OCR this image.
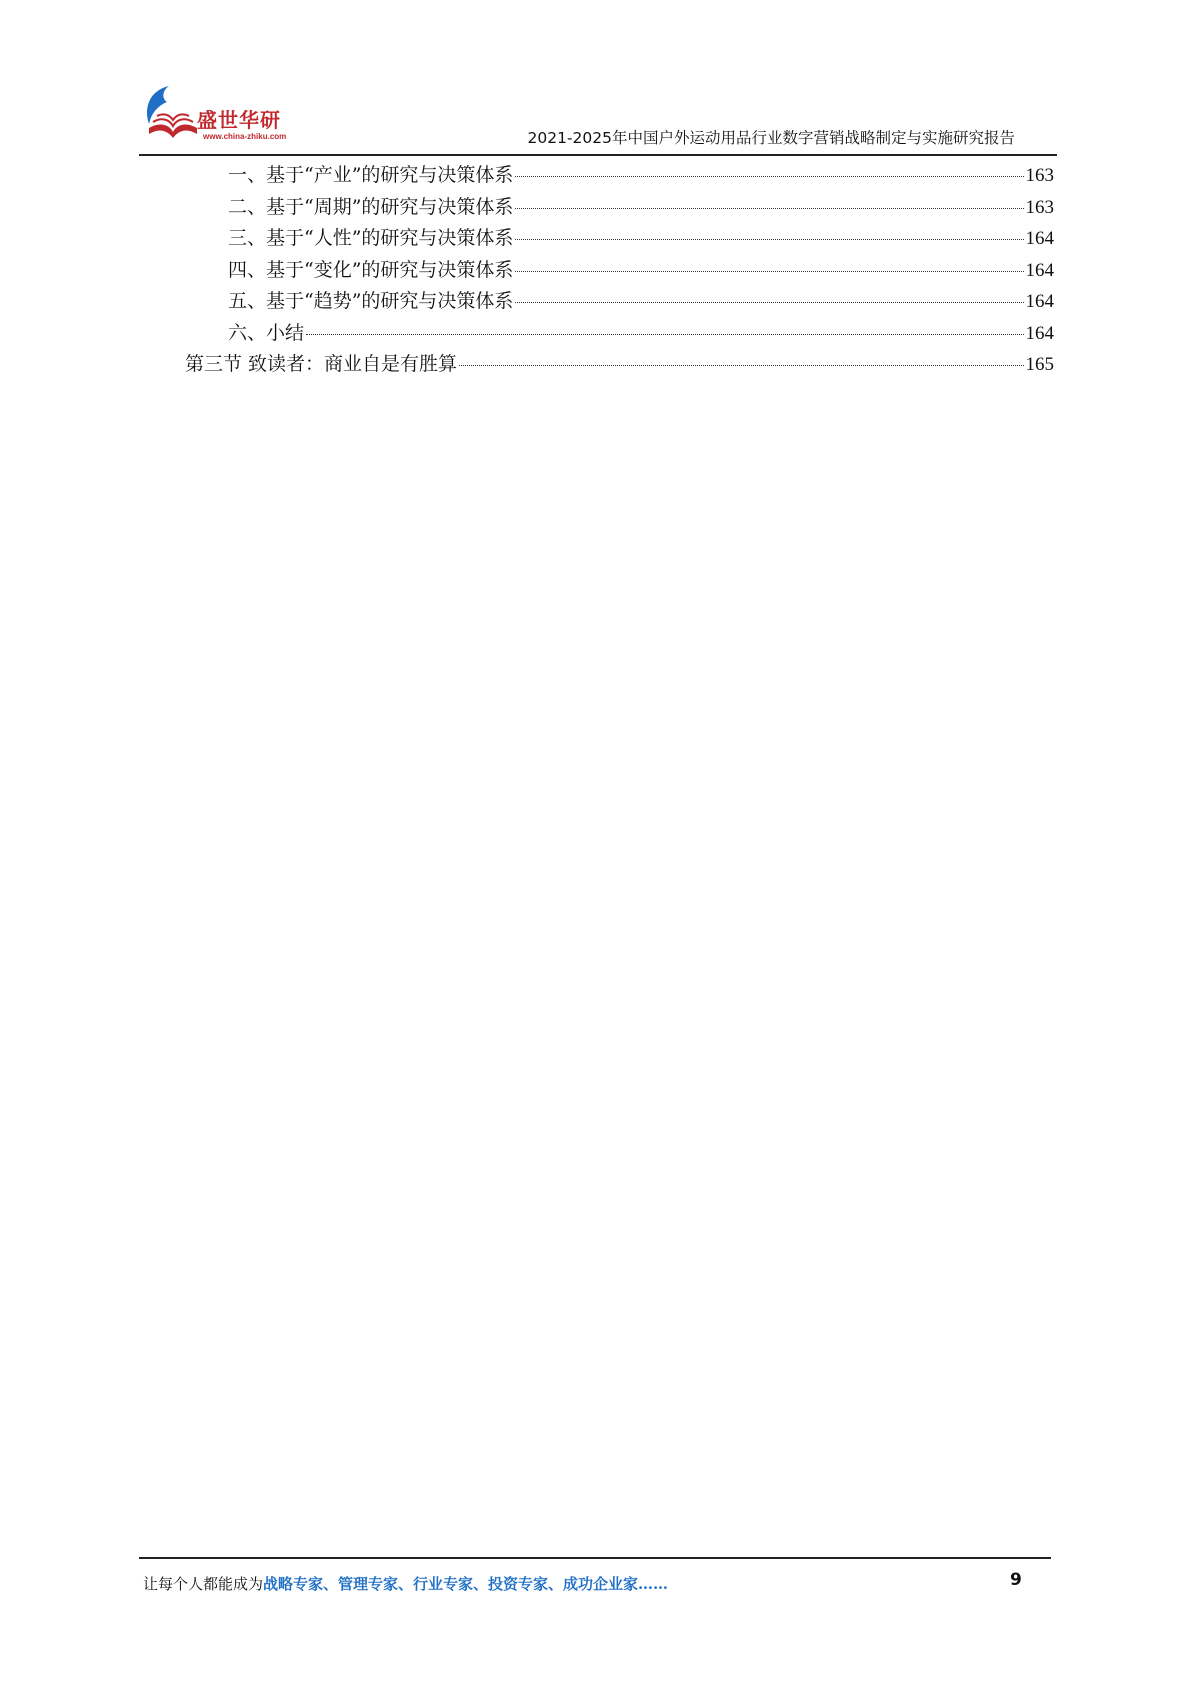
盛世华研
www.china-zhiku.com	2021-2025年中国户外运动用品行业数字营销战略制定与实施研究报告
一、基于“产业”的研究与决策体系	163
二、基于“周期”的研究与决策体系	163
三、基于“人性”的研究与决策体系	164
四、基于“变化”的研究与决策体系	164
五、基于“趋势”的研究与决策体系	164
六、小结	164
第三节 致读者：商业自是有胜算	165
让每个人都能成为战略专家、管理专家、行业专家、投资专家、成功企业家……	9
